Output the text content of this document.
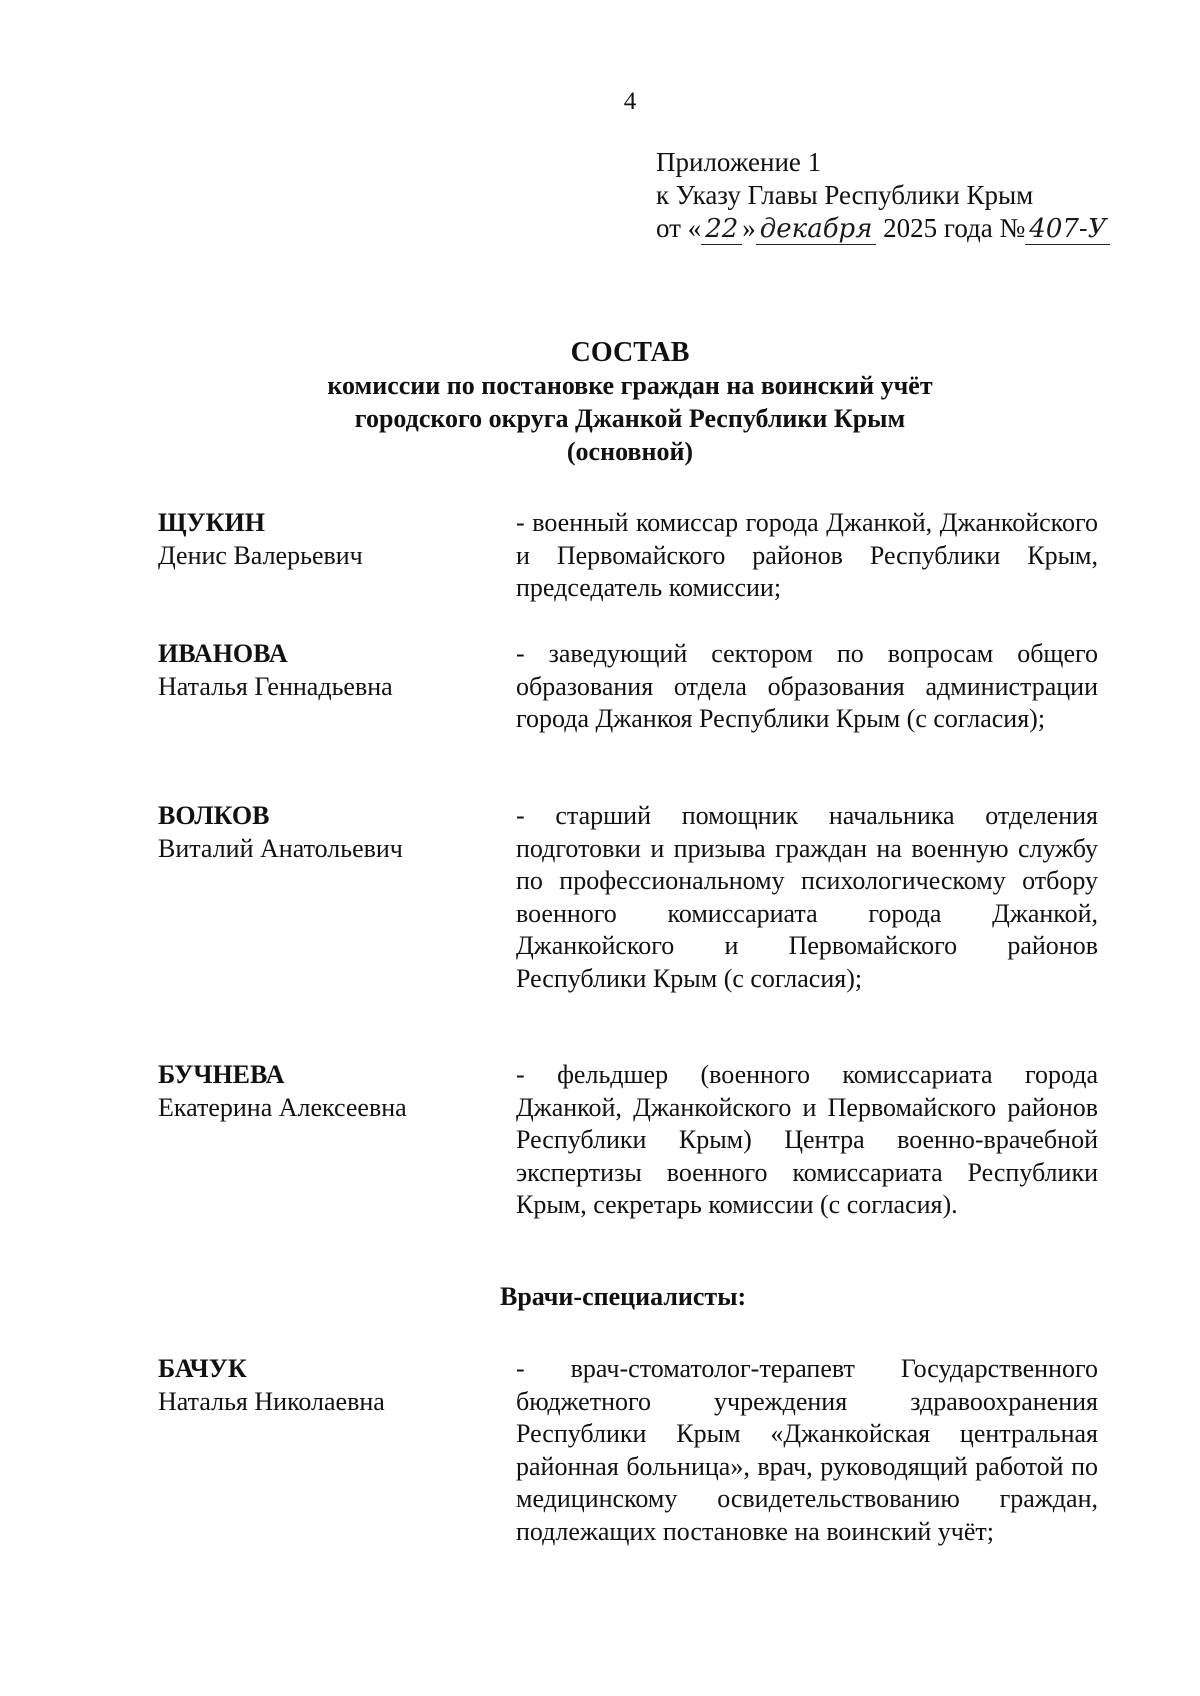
4
Приложение 1
к Указу Главы Республики Крым
от « 22 » декабря 2025 года № 407-У
СОСТАВ
комиссии по постановке граждан на воинский учёт
городского округа Джанкой Республики Крым
(основной)
ЩУКИН
Денис Валерьевич
- военный комиссар города Джанкой, Джанкойского и Первомайского районов Республики Крым, председатель комиссии;
ИВАНОВА
Наталья Геннадьевна
- заведующий сектором по вопросам общего образования отдела образования администрации города Джанкоя Республики Крым (с согласия);
ВОЛКОВ
Виталий Анатольевич
- старший помощник начальника отделения подготовки и призыва граждан на военную службу по профессиональному психологическому отбору военного комиссариата города Джанкой, Джанкойского и Первомайского районов Республики Крым (с согласия);
БУЧНЕВА
Екатерина Алексеевна
- фельдшер (военного комиссариата города Джанкой, Джанкойского и Первомайского районов Республики Крым) Центра военно-врачебной экспертизы военного комиссариата Республики Крым, секретарь комиссии (с согласия).
Врачи-специалисты:
БАЧУК
Наталья Николаевна
- врач-стоматолог-терапевт Государственного бюджетного учреждения здравоохранения Республики Крым «Джанкойская центральная районная больница», врач, руководящий работой по медицинскому освидетельствованию граждан, подлежащих постановке на воинский учёт;
